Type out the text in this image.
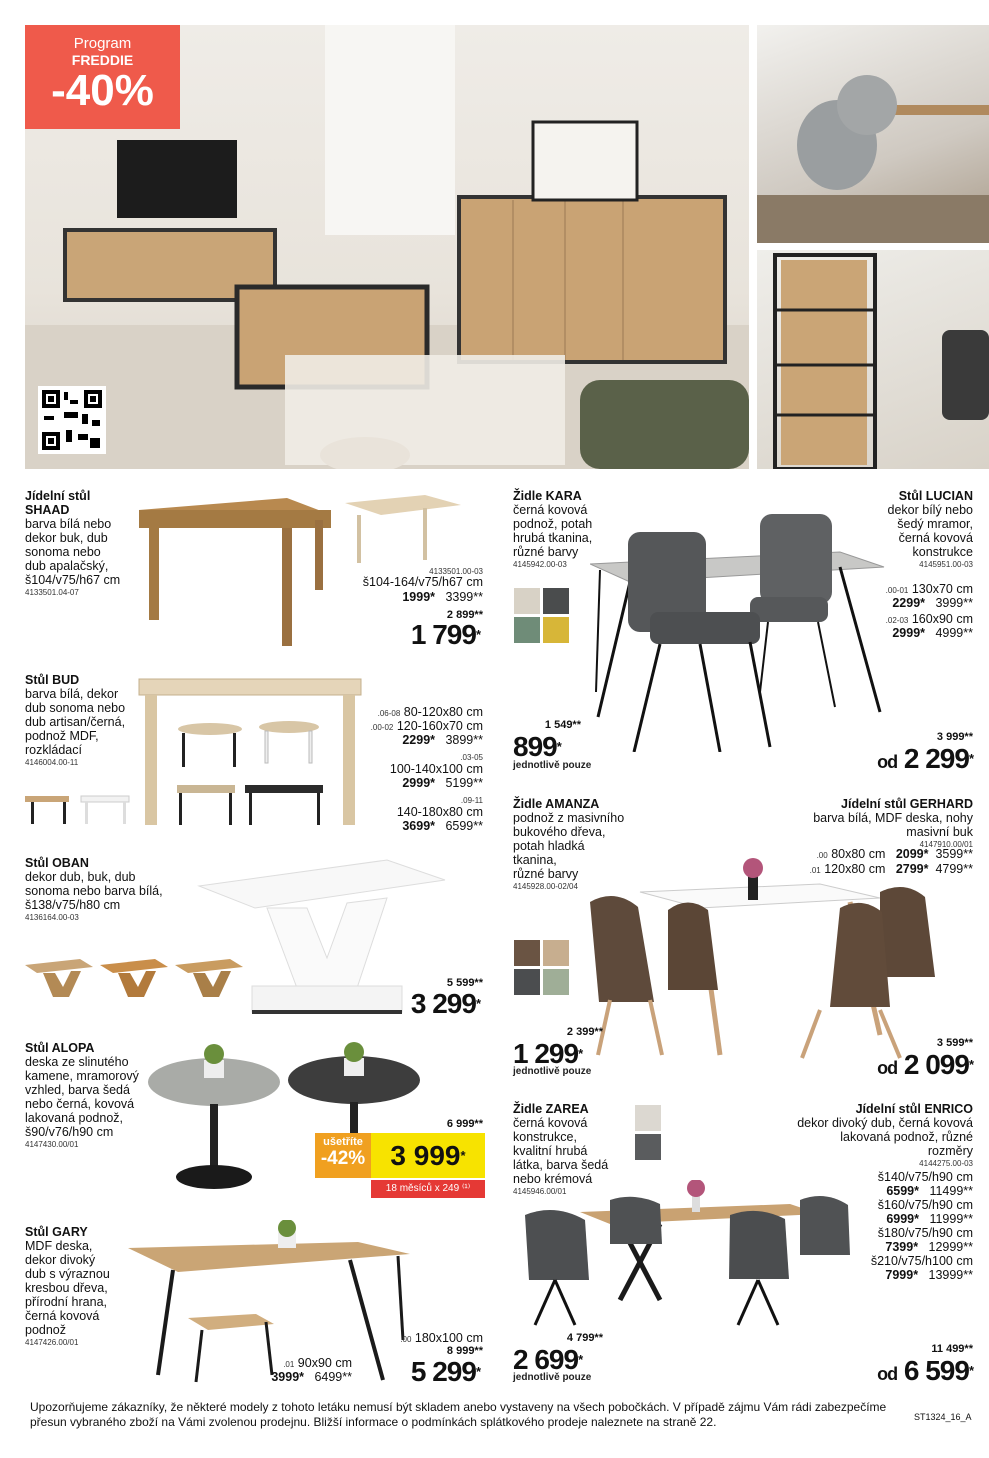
Program
FREDDIE
-40%
Jídelní stůl
SHAAD

barva bílá nebo
dekor buk, dub
sonoma nebo
dub apalačský,
š104/v75/h67 cm

4133501.04-07
4133501.00-03
š104-164/v75/h67 cm
1999* 3399**
2 899**
1 799*
Stůl BUD

barva bílá, dekor
dub sonoma nebo
dub artisan/černá,
podnož MDF,
rozkládací

4146004.00-11
.06-08 80-120x80 cm
.00-02 120-160x70 cm
2299* 3899**
.03-05
100-140x100 cm
2999* 5199**
.09-11
140-180x80 cm
3699* 6599**
Stůl OBAN

dekor dub, buk, dub
sonoma nebo barva bílá,
š138/v75/h80 cm

4136164.00-03
5 599**
3 299*
Stůl ALOPA

deska ze slinutého
kamene, mramorový
vzhled, barva šedá
nebo černá, kovová
lakovaná podnož,
š90/v76/h90 cm

4147430.00/01
6 999**
ušetříte
-42% 3 999*
18 měsíců x 249 ⁽¹⁾
Stůl GARY

MDF deska,
dekor divoký
dub s výraznou
kresbou dřeva,
přírodní hrana,
černá kovová
podnož

4147426.00/01
.01 90x90 cm
3999* 6499**
.00 180x100 cm
8 999**
5 299*
Židle KARA

černá kovová
podnož, potah
hrubá tkanina,
různé barvy

4145942.00-03
1 549**
899*
jednotlivě pouze
Stůl LUCIAN

dekor bílý nebo
šedý mramor,
černá kovová
konstrukce

4145951.00-03
.00-01 130x70 cm
2299* 3999**
.02-03 160x90 cm
2999* 4999**
3 999**
od 2 299*
Židle AMANZA

podnož z masivního
bukového dřeva,
potah hladká
tkanina,
různé barvy

4145928.00-02/04
2 399**
1 299*
jednotlivě pouze
Jídelní stůl GERHARD

barva bílá, MDF deska, nohy
masivní buk

4147910.00/01
.00 80x80 cm 2099* 3599**
.01 120x80 cm 2799* 4799**
3 599**
od 2 099*
Židle ZAREA

černá kovová
konstrukce,
kvalitní hrubá
látka, barva šedá
nebo krémová

4145946.00/01
4 799**
2 699*
jednotlivě pouze
Jídelní stůl ENRICO

dekor divoký dub, černá kovová
lakovaná podnož, různé
rozměry

4144275.00-03
š140/v75/h90 cm
6599* 11499**
š160/v75/h90 cm
6999* 11999**
š180/v75/h90 cm
7399* 12999**
š210/v75/h100 cm
7999* 13999**
11 499**
od 6 599*
Upozorňujeme zákazníky, že některé modely z tohoto letáku nemusí být skladem anebo vystaveny na všech pobočkách. V případě zájmu Vám rádi zabezpečíme přesun vybraného zboží na Vámi zvolenou prodejnu. Bližší informace o podmínkách splátkového prodeje naleznete na straně 22.	ST1324_16_A
